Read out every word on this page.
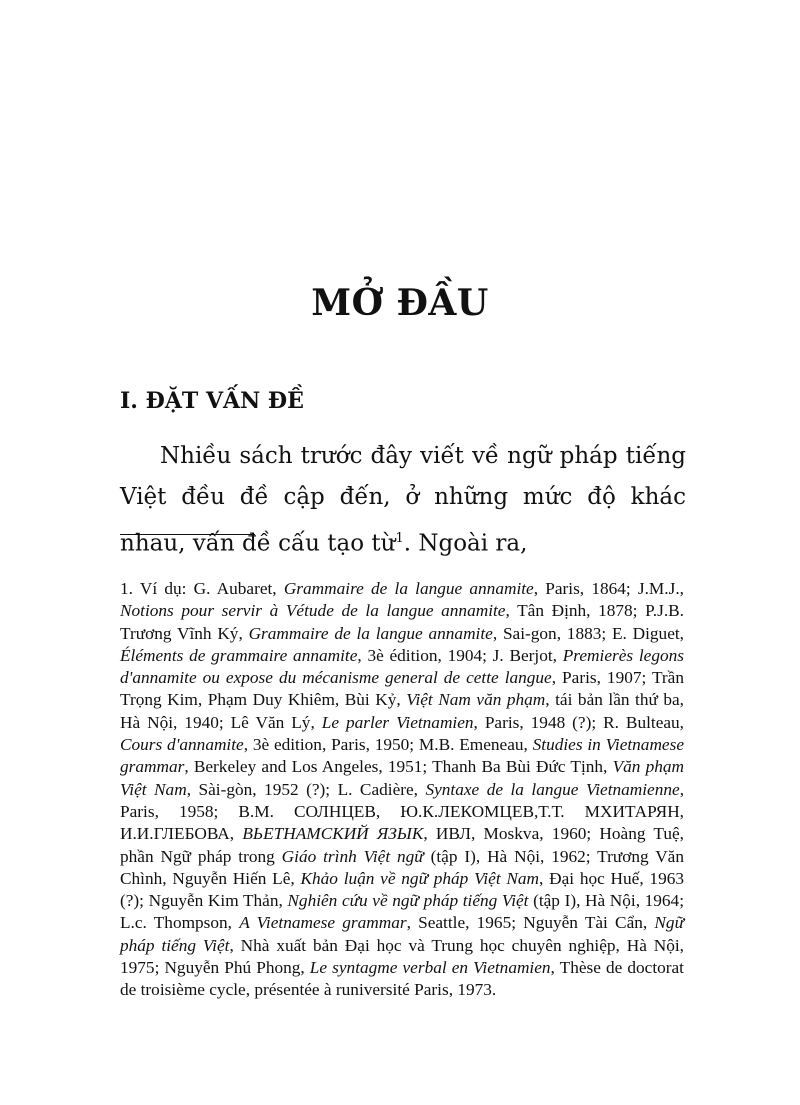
MỞ ĐẦU
I. ĐẶT VẤN ĐỀ
Nhiều sách trước đây viết về ngữ pháp tiếng Việt đều đề cập đến, ở những mức độ khác nhau, vấn đề cấu tạo từ$^1$. Ngoài ra,
1. Ví dụ: G. Aubaret, Grammaire de la langue annamite, Paris, 1864; J.M.J., Notions pour servir à Vétude de la langue annamite, Tân Định, 1878; P.J.B. Trương Vĩnh Ký, Grammaire de la langue annamite, Sai-gon, 1883; E. Diguet, Éléments de grammaire annamite, 3è édition, 1904; J. Berjot, Premierès legons d'annamite ou expose du mécanisme general de cette langue, Paris, 1907; Trần Trọng Kim, Phạm Duy Khiêm, Bùi Kỷ, Việt Nam văn phạm, tái bản lần thứ ba, Hà Nội, 1940; Lê Văn Lý, Le parler Vietnamien, Paris, 1948 (?); R. Bulteau, Cours d'annamite, 3è edition, Paris, 1950; M.B. Emeneau, Studies in Vietnamese grammar, Berkeley and Los Angeles, 1951; Thanh Ba Bùi Đức Tịnh, Văn phạm Việt Nam, Sài-gòn, 1952 (?); L. Cadière, Syntaxe de la langue Vietnamienne, Paris, 1958; B.M. СОЛНЦЕВ, Ю.К.ЛЕКОМЦЕВ,Т.Т. МХИТАРЯН, И.И.ГЛЕБОВА, ВЬЕТНАМСКИЙ ЯЗЫК, ИВЛ, Moskva, 1960; Hoàng Tuệ, phần Ngữ pháp trong Giáo trình Việt ngữ (tập I), Hà Nội, 1962; Trương Văn Chình, Nguyễn Hiến Lê, Khảo luận về ngữ pháp Việt Nam, Đại học Huế, 1963 (?); Nguyễn Kim Thản, Nghiên cứu về ngữ pháp tiếng Việt (tập I), Hà Nội, 1964; L.c. Thompson, A Vietnamese grammar, Seattle, 1965; Nguyễn Tài Cẩn, Ngữ pháp tiếng Việt, Nhà xuất bản Đại học và Trung học chuyên nghiệp, Hà Nội, 1975; Nguyễn Phú Phong, Le syntagme verbal en Vietnamien, Thèse de doctorat de troisième cycle, présentée à runiversité Paris, 1973.
